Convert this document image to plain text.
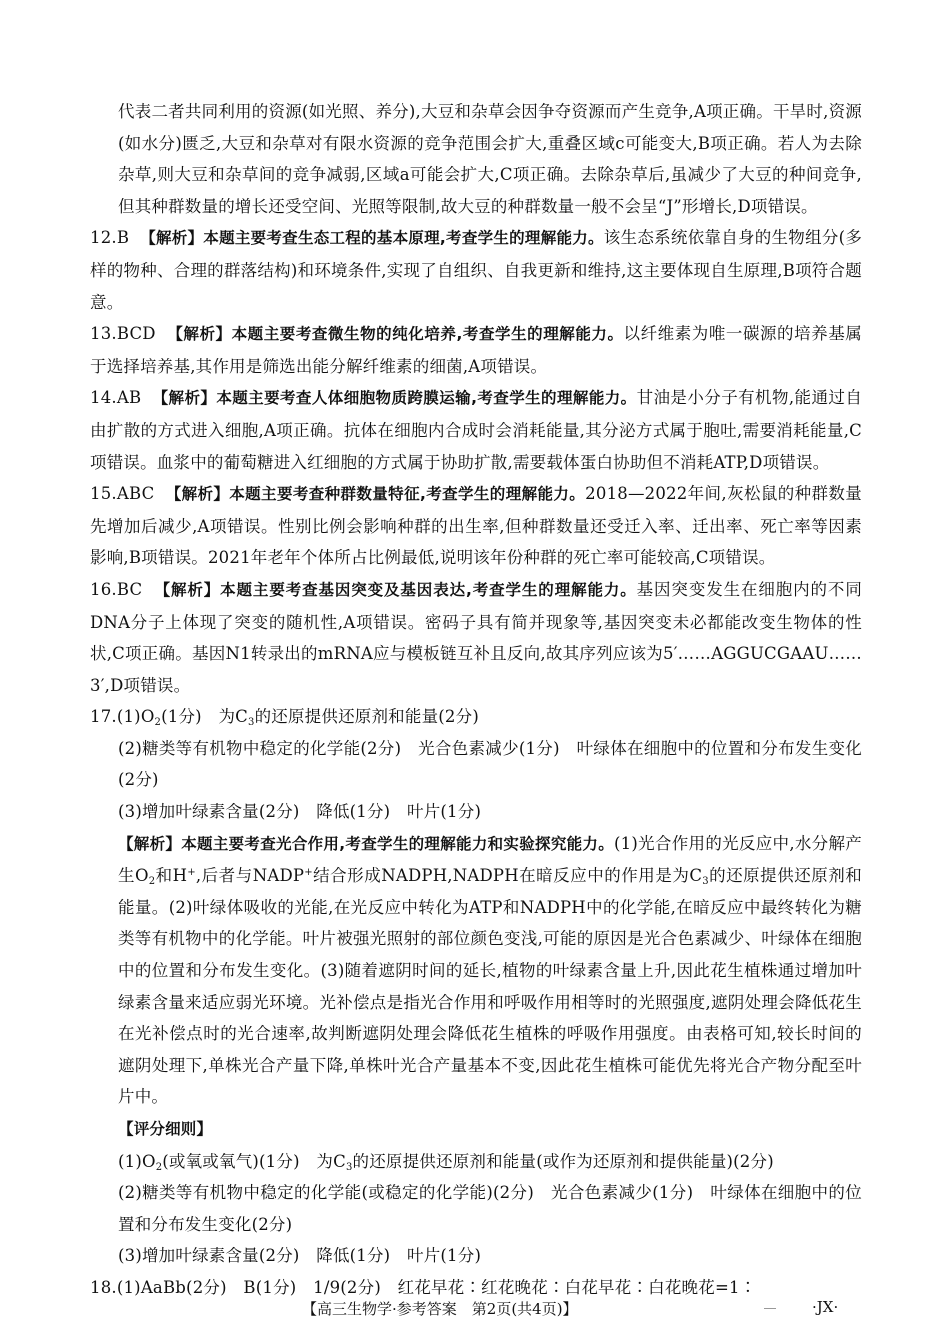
代表二者共同利用的资源(如光照、养分),大豆和杂草会因争夺资源而产生竞争,A项正确。干旱时,资源(如水分)匮乏,大豆和杂草对有限水资源的竞争范围会扩大,重叠区域c可能变大,B项正确。若人为去除杂草,则大豆和杂草间的竞争减弱,区域a可能会扩大,C项正确。去除杂草后,虽减少了大豆的种间竞争,但其种群数量的增长还受空间、光照等限制,故大豆的种群数量一般不会呈“J”形增长,D项错误。

12.B 【解析】本题主要考查生态工程的基本原理,考查学生的理解能力。该生态系统依靠自身的生物组分(多样的物种、合理的群落结构)和环境条件,实现了自组织、自我更新和维持,这主要体现自生原理,B项符合题意。

13.BCD 【解析】本题主要考查微生物的纯化培养,考查学生的理解能力。以纤维素为唯一碳源的培养基属于选择培养基,其作用是筛选出能分解纤维素的细菌,A项错误。

14.AB 【解析】本题主要考查人体细胞物质跨膜运输,考查学生的理解能力。甘油是小分子有机物,能通过自由扩散的方式进入细胞,A项正确。抗体在细胞内合成时会消耗能量,其分泌方式属于胞吐,需要消耗能量,C项错误。血浆中的葡萄糖进入红细胞的方式属于协助扩散,需要载体蛋白协助但不消耗ATP,D项错误。

15.ABC 【解析】本题主要考查种群数量特征,考查学生的理解能力。2018—2022年间,灰松鼠的种群数量先增加后减少,A项错误。性别比例会影响种群的出生率,但种群数量还受迁入率、迁出率、死亡率等因素影响,B项错误。2021年老年个体所占比例最低,说明该年份种群的死亡率可能较高,C项错误。

16.BC 【解析】本题主要考查基因突变及基因表达,考查学生的理解能力。基因突变发生在细胞内的不同DNA分子上体现了突变的随机性,A项错误。密码子具有简并现象等,基因突变未必都能改变生物体的性状,C项正确。基因N1转录出的mRNA应与模板链互补且反向,故其序列应该为5′……AGGUCGAAU……3′,D项错误。

$17.(1)O_2(1$分)　为$C_3$的还原提供还原剂和能量(2分)

(2)糖类等有机物中稳定的化学能(2分)　光合色素减少(1分)　叶绿体在细胞中的位置和分布发生变化(2分)

(3)增加叶绿素含量(2分)　降低(1分)　叶片(1分)

【解析】本题主要考查光合作用,考查学生的理解能力和实验探究能力。(1)光合作用的光反应中,水分解产生$O_2$和H+,后者与NADP+结合形成NADPH,NADPH在暗反应中的作用是为$C_3$的还原提供还原剂和能量。(2)叶绿体吸收的光能,在光反应中转化为ATP和NADPH中的化学能,在暗反应中最终转化为糖类等有机物中的化学能。叶片被强光照射的部位颜色变浅,可能的原因是光合色素减少、叶绿体在细胞中的位置和分布发生变化。(3)随着遮阴时间的延长,植物的叶绿素含量上升,因此花生植株通过增加叶绿素含量来适应弱光环境。光补偿点是指光合作用和呼吸作用相等时的光照强度,遮阴处理会降低花生在光补偿点时的光合速率,故判断遮阴处理会降低花生植株的呼吸作用强度。由表格可知,较长时间的遮阴处理下,单株光合产量下降,单株叶光合产量基本不变,因此花生植株可能优先将光合产物分配至叶片中。

【评分细则】

$(1)O_2$(或氧或氧气)(1分)　为$C_3$的还原提供还原剂和能量(或作为还原剂和提供能量)(2分)

(2)糖类等有机物中稳定的化学能(或稳定的化学能)(2分)　光合色素减少(1分)　叶绿体在细胞中的位置和分布发生变化(2分)

(3)增加叶绿素含量(2分)　降低(1分)　叶片(1分)

18.(1)AaBb(2分)　B(1分)　1/9(2分)　红花早花∶红花晚花∶白花早花∶白花晚花=1∶

【高三生物学·参考答案　第2页(共4页)】	·JX·
